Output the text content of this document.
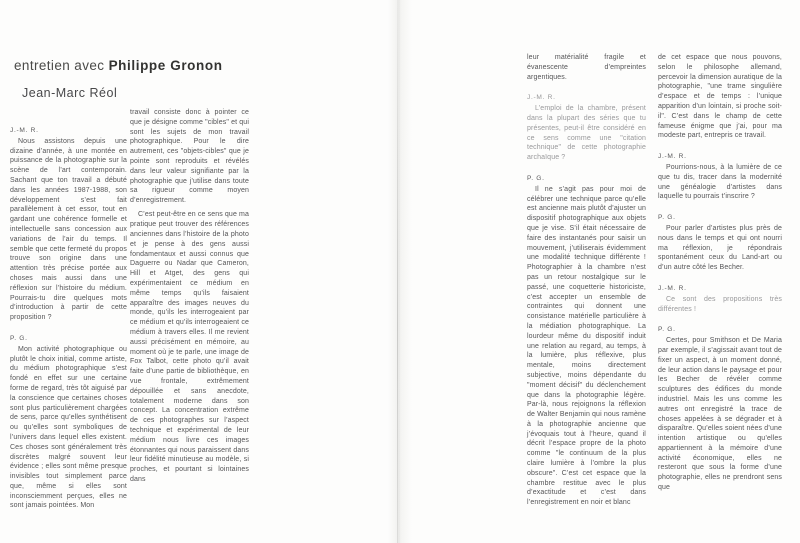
entretien avec Philippe Gronon
Jean-Marc Réol
J.-M. R.

Nous assistons depuis une dizaine d’année, à une montée en puissance de la photographie sur la scène de l’art contemporain. Sachant que ton travail a débuté dans les années 1987-1988, son développement s’est fait parallèlement à cet essor, tout en gardant une cohérence formelle et intellectuelle sans concession aux variations de l’air du temps. Il semble que cette fermeté du propos trouve son origine dans une attention très précise portée aux choses mais aussi dans une réflexion sur l’histoire du médium. Pourrais-tu dire quelques mots d’introduction à partir de cette proposition ?

P. G.

Mon activité photographique ou plutôt le choix initial, comme artiste, du médium photographique s’est fondé en effet sur une certaine forme de regard, très tôt aiguisé par la conscience que certaines choses sont plus particulièrement chargées de sens, parce qu’elles synthétisent ou qu’elles sont symboliques de l’univers dans lequel elles existent. Ces choses sont généralement très discrètes malgré souvent leur évidence ; elles sont même presque invisibles tout simplement parce que, même si elles sont inconsciemment perçues, elles ne sont jamais pointées. Mon

travail consiste donc à pointer ce que je désigne comme "cibles" et qui sont les sujets de mon travail photographique. Pour le dire autrement, ces "objets-cibles" que je pointe sont reproduits et révélés dans leur valeur signifiante par la photographie que j’utilise dans toute sa rigueur comme moyen d’enregistrement.

C’est peut-être en ce sens que ma pratique peut trouver des références anciennes dans l’histoire de la photo et je pense à des gens aussi fondamentaux et aussi connus que Daguerre ou Nadar que Cameron, Hill et Atget, des gens qui expérimentaient ce médium en même temps qu’ils faisaient apparaître des images neuves du monde, qu’ils les interrogeaient par ce médium et qu’ils interrogeaient ce médium à travers elles. Il me revient aussi précisément en mémoire, au moment où je te parle, une image de Fox Talbot, cette photo qu’il avait faite d’une partie de bibliothèque, en vue frontale, extrêmement dépouillée et sans anecdote, totalement moderne dans son concept. La concentration extrême de ces photographes sur l’aspect technique et expérimental de leur médium nous livre ces images étonnantes qui nous paraissent dans leur fidélité minutieuse au modèle, si proches, et pourtant si lointaines dans

leur matérialité fragile et évanescente d’empreintes argentiques.

J.-M. R.

L’emploi de la chambre, présent dans la plupart des séries que tu présentes, peut-il être considéré en ce sens comme une "citation technique" de cette photographie archaïque ?

P. G.

Il ne s’agit pas pour moi de célébrer une technique parce qu’elle est ancienne mais plutôt d’ajuster un dispositif photographique aux objets que je vise. S’il était nécessaire de faire des instantanés pour saisir un mouvement, j’utiliserais évidemment une modalité technique différente ! Photographier à la chambre n’est pas un retour nostalgique sur le passé, une coquetterie historiciste, c’est accepter un ensemble de contraintes qui donnent une consistance matérielle particulière à la médiation photographique. La lourdeur même du dispositif induit une relation au regard, au temps, à la lumière, plus réflexive, plus mentale, moins directement subjective, moins dépendante du "moment décisif" du déclenchement que dans la photographie légère. Par-là, nous rejoignons la réflexion de Walter Benjamin qui nous ramène à la photographie ancienne que j’évoquais tout à l’heure, quand il décrit l’espace propre de la photo comme "le continuum de la plus claire lumière à l’ombre la plus obscure". C’est cet espace que la chambre restitue avec le plus d’exactitude et c’est dans l’enregistrement en noir et blanc

de cet espace que nous pouvons, selon le philosophe allemand, percevoir la dimension auratique de la photographie, "une trame singulière d’espace et de temps : l’unique apparition d’un lointain, si proche soit-il". C’est dans le champ de cette fameuse énigme que j’ai, pour ma modeste part, entrepris ce travail.

J.-M. R.

Pourrions-nous, à la lumière de ce que tu dis, tracer dans la modernité une généalogie d’artistes dans laquelle tu pourrais t’inscrire ?

P. G.

Pour parler d’artistes plus près de nous dans le temps et qui ont nourri ma réflexion, je répondrais spontanément ceux du Land-art ou d’un autre côté les Becher.

J.-M. R.

Ce sont des propositions très différentes !

P. G.

Certes, pour Smithson et De Maria par exemple, il s’agissait avant tout de fixer un aspect, à un moment donné, de leur action dans le paysage et pour les Becher de révéler comme sculptures des édifices du monde industriel. Mais les uns comme les autres ont enregistré la trace de choses appelées à se dégrader et à disparaître. Qu’elles soient nées d’une intention artistique ou qu’elles appartiennent à la mémoire d’une activité économique, elles ne resteront que sous la forme d’une photographie, elles ne prendront sens que
